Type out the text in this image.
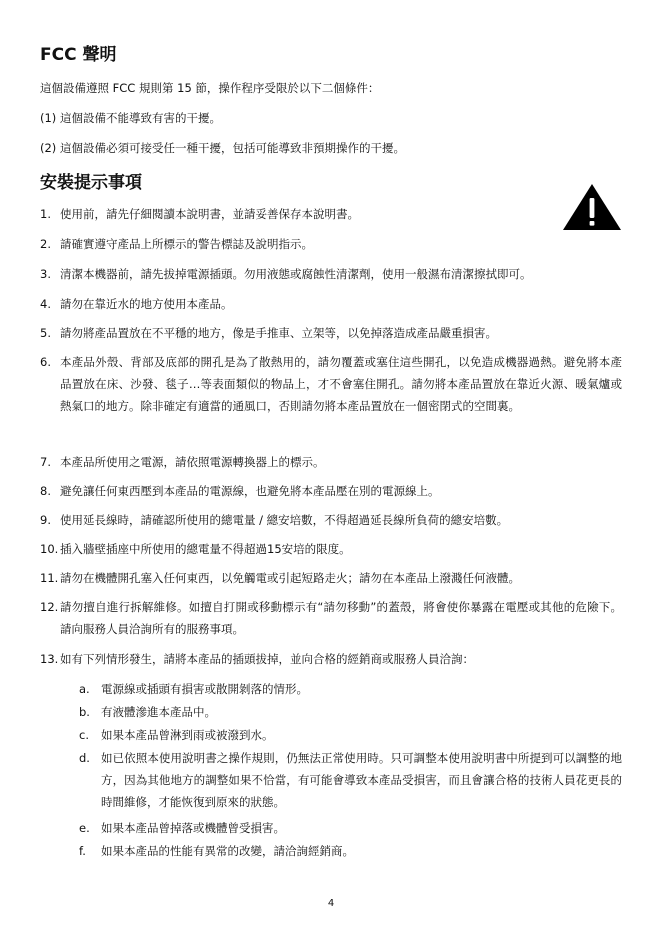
FCC 聲明

這個設備遵照 FCC 規則第 15 節，操作程序受限於以下二個條件：

(1) 這個設備不能導致有害的干擾。

(2) 這個設備必須可接受任一種干擾，包括可能導致非預期操作的干擾。

安裝提示事項
1. 使用前，請先仔細閱讀本說明書，並請妥善保存本說明書。
2. 請確實遵守產品上所標示的警告標誌及說明指示。
3. 清潔本機器前，請先拔掉電源插頭。勿用液態或腐蝕性清潔劑，使用一般濕布清潔擦拭即可。
4. 請勿在靠近水的地方使用本產品。
5. 請勿將產品置放在不平穩的地方，像是手推車、立架等，以免掉落造成產品嚴重損害。
6. 本產品外殼、背部及底部的開孔是為了散熱用的，請勿覆蓋或塞住這些開孔，以免造成機器過熱。避免將本產品置放在床、沙發、毯子…等表面類似的物品上，才不會塞住開孔。請勿將本產品置放在靠近火源、暖氣爐或熱氣口的地方。除非確定有適當的通風口，否則請勿將本產品置放在一個密閉式的空間裏。
7. 本產品所使用之電源，請依照電源轉換器上的標示。
8. 避免讓任何東西壓到本產品的電源線，也避免將本產品壓在別的電源線上。
9. 使用延長線時，請確認所使用的總電量 / 總安培數，不得超過延長線所負荷的總安培數。
10. 插入牆壁插座中所使用的總電量不得超過15安培的限度。
11. 請勿在機體開孔塞入任何東西，以免觸電或引起短路走火；請勿在本產品上潑濺任何液體。
12. 請勿擅自進行拆解維修。如擅自打開或移動標示有“請勿移動”的蓋殼，將會使你暴露在電壓或其他的危險下。請向服務人員洽詢所有的服務事項。
13. 如有下列情形發生，請將本產品的插頭拔掉，並向合格的經銷商或服務人員洽詢：
a. 電源線或插頭有損害或散開剝落的情形。
b. 有液體滲進本產品中。
c. 如果本產品曾淋到雨或被潑到水。
d. 如已依照本使用說明書之操作規則，仍無法正常使用時。只可調整本使用說明書中所提到可以調整的地方，因為其他地方的調整如果不恰當，有可能會導致本產品受損害，而且會讓合格的技術人員花更長的時間維修，才能恢復到原來的狀態。
e. 如果本產品曾掉落或機體曾受損害。
f. 如果本產品的性能有異常的改變，請洽詢經銷商。
4
